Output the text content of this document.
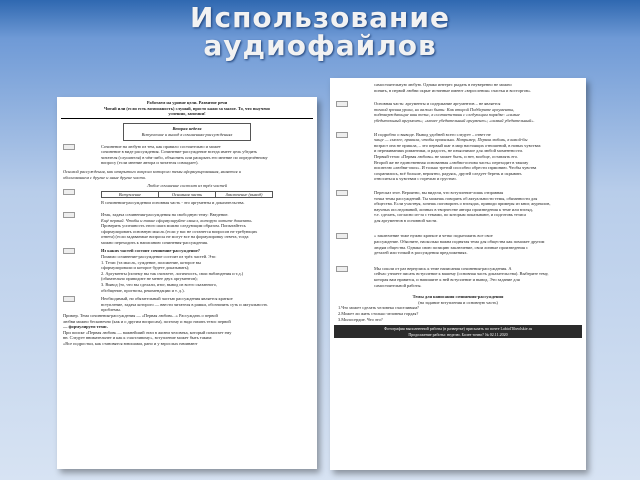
Использование
аудиофайлов
Работаем на уровне цели. Развитие речи
Читай или (если есть возможность) слушай, просто кажи за малое. То, что выучено
успешно, запомни!
Вторая неделя
Вступление и выход в сочинениях-рассуждениях
Сочинение на любую из тем, как правило состоятельно и может
сочинение в виде рассуждения. Сочинение-рассуждение всегда имеет цель убедить
читателя (слушателя) в чём-либо, объяснить или раскрыть его мнение по определённому
вопросу (если мнение автора и читателя совпадает).
Основой рассуждения, как открытого вопроса которого темы сформулированная, является и
обоснованием с другие и иные другие части.
Любое сочинение состоит из трёх частей
Вступление	Основная часть	Заключение (вывод)
В сочинении-рассуждении основная часть - это аргументы и доказательства.
Итак, задача сочинения-рассуждения на свободную тему: Введение.
Ещё первый. Чтобы и такие сформулируйте смысл, которую хотите доказать.
Проверить успешность этого шага можно следующим образом. Попытайтесь
сформулировать основную мысль (если у вас не останется вопросов не требующих
ответа) (если задаваемые вопросы не могут все на формулировку ответа, тогда
можно переходить к написанию сочинения-рассуждения.
Из каких частей состоит сочинение-рассуждение?
Помимо сочинение-рассуждение состоит из трёх частей. Это:
1. Тезис (та мысль, суждение, положение, которое вы
сформулировали и которое будете доказывать);
2. Аргументы (почему вы так считаете, логичность, свои наблюдения и т.д.)
(обязательно приводите не менее двух аргументов);
3. Вывод (то, что вы сделали, итог, вывод из всего сказанного,
обобщение, прогнозы, рекомендации и т. д.).
Необходимый, но обязательный частью рассуждения является краткое
вступление, задача которого — ввести читателя в рамки, обозначить суть и актуальность
проблемы.
Пример. Тема сочинения-рассуждения — «Первая любовь...» Рассуждать о первой
любви можно бесконечно (как и о другим вопросам), поэтому и надо начать тезис первой
— формулируем тезис.
При поиске «Первая любовь — важнейший этап в жизни человека, который помогает ему
вн. Следует внимательнее и как к счастливому», вступление может быть таким:
«Все подростки, как становятся юношами, рано и у взрослых начинают
самостоятельную любую. Однако интерес рыдать в неуверенно не можно
понять, в первой любви скрыт истинные имеют «взросления» счастья и восторгов».
Основная часть: аргументы и содержание аргументов – не является
точкой зрения урока, но важно быть: Как второй Подберите аргументы,
подтверждающие ваш тезис, в соответствии с следующим порядке: «самые
убедительный аргумент»; «менее убедительный аргумент»; «самый убедительный».
И подробно о выводе. Вывод удобней всего следует – ответ не
чаще — смелее, правила, чтобы правильно. Например, Первая любовь, в какой-бы
возраст она не пришла, – это первый шаг в мир настоящих отношений, в новых чувствах
и переживаниях романтики, и радость, не изъяснимое для любой моментности.
Первый тезис «Первая любовь» не может быть, и нет, вообще, оставлять его.
Второй же не единственная основанная «любви-основа часть» переходит в такому
писателю «любви-эпох». И только третий способно обрести гармонию. Чтобы чувства
сохранились, всё больше, вероятно, радуясь, друзей следует беречь и скрывать
относиться к чувствам с горечью и грустью.
Пересказ этот. Вероятно, вы видели, что вступление-лишь отправная
точка темы рассуждений. Ты можешь говорить об актуальности темы, обязанности для
общества. Если участвуя, хочешь поговорить о взглядах, приводи примеры из книг, журналов,
научных исследований, личных в творчестве автора произведения к теме или взгляд,
т.е. сделать, согласно из-за с темами, по которым показывают, и подготовь тезиса
для аргументов в основной части.
» заключение тоже нужно краткое и четко подытожить все свое
рассуждение. Обясните, насколько важна поднятая тема для общества как поможет другим
людям общества. Однако свою позицию заключение, свои личные произведения с
деталей или точкой в рассуждения предложениях.
Мы сошли от раз вернулись к теме написания сочинения-рассуждения. А
сейчас узнаете писать вступление к вашему (основная часть доказательства). Выберите тему,
которая вам нравится, и напишите к ней вступление и вывод. Это задание для
самостоятельной работы.
Темы для написания сочинения-рассуждения
(на задание вступления и основную часть)
1.Что может сделать человека счастливым?
2.Может ли жить столько человека гордая?
3.Милосердие. Что это?
Фотография выполненной работы (в развертке) присылать по почте LabiolTiheolskie.ru
Продолжение работы: неделю. Более точно? № 02.11.2020
